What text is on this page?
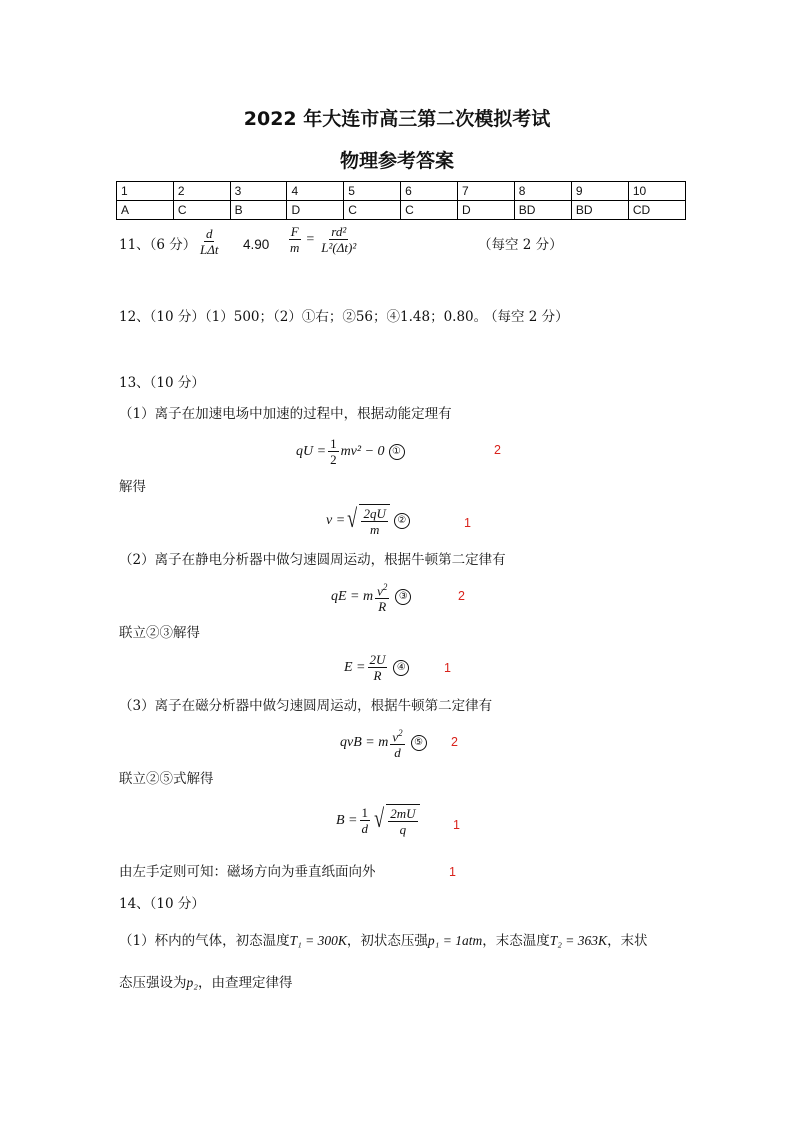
2022 年大连市高三第二次模拟考试
物理参考答案
1	2	3	4	5	6	7	8	9	10
A	C	B	D	C	C	D	BD	BD	CD
11、（6 分） $\frac{d}{\text{LΔt}} 4.90 \frac{F}{m} = \frac{\text{rd²}}{\text{L²(Δt)²}}$	（每空 2 分）
12、（10 分）（1）500；（2）①右；②56；④1.48；0.80。
（每空 2 分）
13、（10 分）
（1）离子在加速电场中加速的过程中，根据动能定理有
qU = $\frac{1}{2} mv^2 - 0$ ①	2
解得
v = √ $\frac{2qU}{m}$ ②	1
（2）离子在静电分析器中做匀速圆周运动，根据牛顿第二定律有
qE = m $\frac{v^2}{R}$ ③	2
联立②③解得
$E = \frac{2U}{R}$ ④	1
（3）离子在磁分析器中做匀速圆周运动，根据牛顿第二定律有
qvB = m $\frac{v^2}{d}$ ⑤ 2
联立②⑤式解得
$B = \frac{1}{d}$ √ $\frac{2mU}{q}$	1
由左手定则可知：磁场方向为垂直纸面向外	1
14、（10 分）
（1）杯内的气体，初态温度T₁ = 300K，初状态压强p₁ = 1atm，末态温度T₂ = 363K，末状
态压强设为p₂，由查理定律得
